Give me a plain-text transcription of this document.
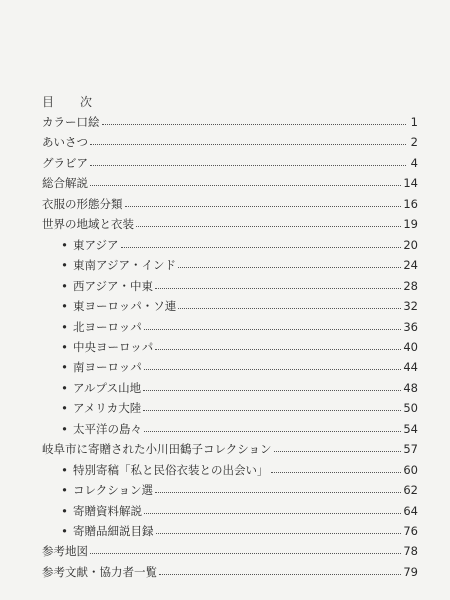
目　次
カラー口絵	1
あいさつ	2
グラビア	4
総合解説	14
衣服の形態分類	16
世界の地域と衣装	19
• 東アジア	20
• 東南アジア・インド	24
• 西アジア・中東	28
• 東ヨーロッパ・ソ連	32
• 北ヨーロッパ	36
• 中央ヨーロッパ	40
• 南ヨーロッパ	44
• アルプス山地	48
• アメリカ大陸	50
• 太平洋の島々	54
岐阜市に寄贈された小川田鶴子コレクション	57
• 特別寄稿「私と民俗衣装との出会い」	60
• コレクション選	62
• 寄贈資料解説	64
• 寄贈品細説目録	76
参考地図	78
参考文献・協力者一覧	79
